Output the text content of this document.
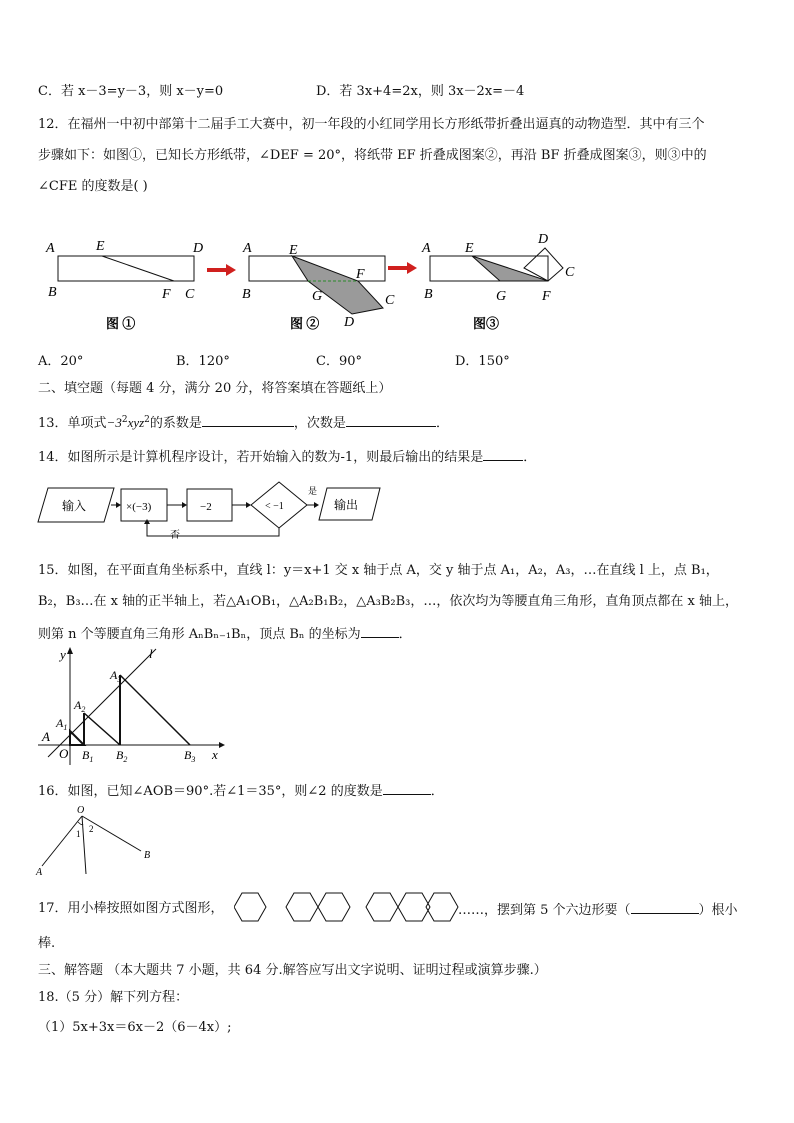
C．若 x－3=y－3，则 x－y=0	D．若 3x+4=2x，则 3x－2x=－4
12．在福州一中初中部第十二届手工大赛中，初一年段的小红同学用长方形纸带折叠出逼真的动物造型．其中有三个
步骤如下：如图①，已知长方形纸带，∠DEF = 20°，将纸带 EF 折叠成图案②，再沿 BF 折叠成图案③，则③中的
∠CFE 的度数是( )
A	E	D
B	F C
图 ①
A	E
F
B	G	C
D
图 ②
A E
D
C
B	G	F
图③
A．20°	B．120°	C．90°	D．150°
二、填空题（每题 4 分，满分 20 分，将答案填在答题纸上）
13．单项式$-3^2xyz^2$的系数是	，次数是	．
14．如图所示是计算机程序设计，若开始输入的数为-1，则最后输出的结果是	．
输入	×(−3)	−2	< −1
是
输出
否
15．如图，在平面直角坐标系中，直线 l：y＝x+1 交 x 轴于点 A，交 y 轴于点 A₁，A₂，A₃，…在直线 l 上，点 B₁，
B₂，B₃…在 x 轴的正半轴上，若△A₁OB₁，△A₂B₁B₂，△A₃B₂B₃，…，依次均为等腰直角三角形，直角顶点都在 x 轴上，
则第 n 个等腰直角三角形 AₙBₙ₋₁Bₙ，顶点 Bₙ 的坐标为	．
y
x
l
O
A
$A_1$
$A_2$
$A_3$
$B_1$ $B_2$	$B_3$
16．如图，已知∠AOB＝90°.若∠1＝35°，则∠2 的度数是	．
O
A
B
1 2
17．用小棒按照如图方式图形，	……，摆到第 5 个六边形要（	）根小
棒.
三、解答题 （本大题共 7 小题，共 64 分.解答应写出文字说明、证明过程或演算步骤.）
18.（5 分）解下列方程：
（1）5x+3x＝6x－2（6－4x）;
